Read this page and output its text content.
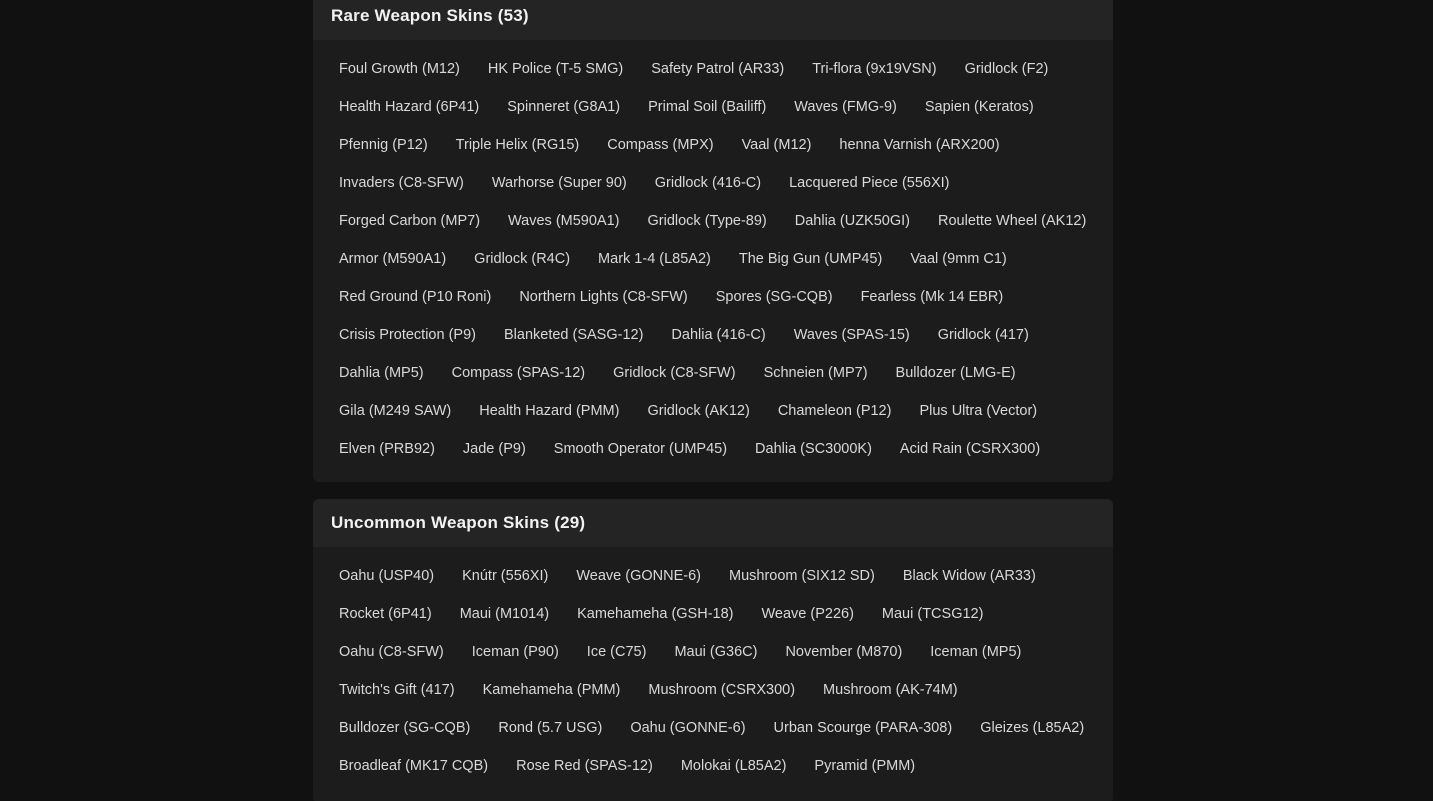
Rare Weapon Skins (53)
Foul Growth (M12)	HK Police (T-5 SMG)	Safety Patrol (AR33)	Tri-flora (9x19VSN)	Gridlock (F2)
Health Hazard (6P41)	Spinneret (G8A1)	Primal Soil (Bailiff)	Waves (FMG-9)	Sapien (Keratos)
Pfennig (P12)	Triple Helix (RG15)	Compass (MPX)	Vaal (M12)	henna Varnish (ARX200)
Invaders (C8-SFW)	Warhorse (Super 90)	Gridlock (416-C)	Lacquered Piece (556XI)
Forged Carbon (MP7)	Waves (M590A1)	Gridlock (Type-89)	Dahlia (UZK50GI)	Roulette Wheel (AK12)
Armor (M590A1)	Gridlock (R4C)	Mark 1-4 (L85A2)	The Big Gun (UMP45)	Vaal (9mm C1)
Red Ground (P10 Roni)	Northern Lights (C8-SFW)	Spores (SG-CQB)	Fearless (Mk 14 EBR)
Crisis Protection (P9)	Blanketed (SASG-12)	Dahlia (416-C)	Waves (SPAS-15)	Gridlock (417)
Dahlia (MP5)	Compass (SPAS-12)	Gridlock (C8-SFW)	Schneien (MP7)	Bulldozer (LMG-E)
Gila (M249 SAW)	Health Hazard (PMM)	Gridlock (AK12)	Chameleon (P12)	Plus Ultra (Vector)
Elven (PRB92)	Jade (P9)	Smooth Operator (UMP45)	Dahlia (SC3000K)	Acid Rain (CSRX300)
Uncommon Weapon Skins (29)
Oahu (USP40)	Knútr (556XI)	Weave (GONNE-6)	Mushroom (SIX12 SD)	Black Widow (AR33)
Rocket (6P41)	Maui (M1014)	Kamehameha (GSH-18)	Weave (P226)	Maui (TCSG12)
Oahu (C8-SFW)	Iceman (P90)	Ice (C75)	Maui (G36C)	November (M870)	Iceman (MP5)
Twitch's Gift (417)	Kamehameha (PMM)	Mushroom (CSRX300)	Mushroom (AK-74M)
Bulldozer (SG-CQB)	Rond (5.7 USG)	Oahu (GONNE-6)	Urban Scourge (PARA-308)	Gleizes (L85A2)
Broadleaf (MK17 CQB)	Rose Red (SPAS-12)	Molokai (L85A2)	Pyramid (PMM)
